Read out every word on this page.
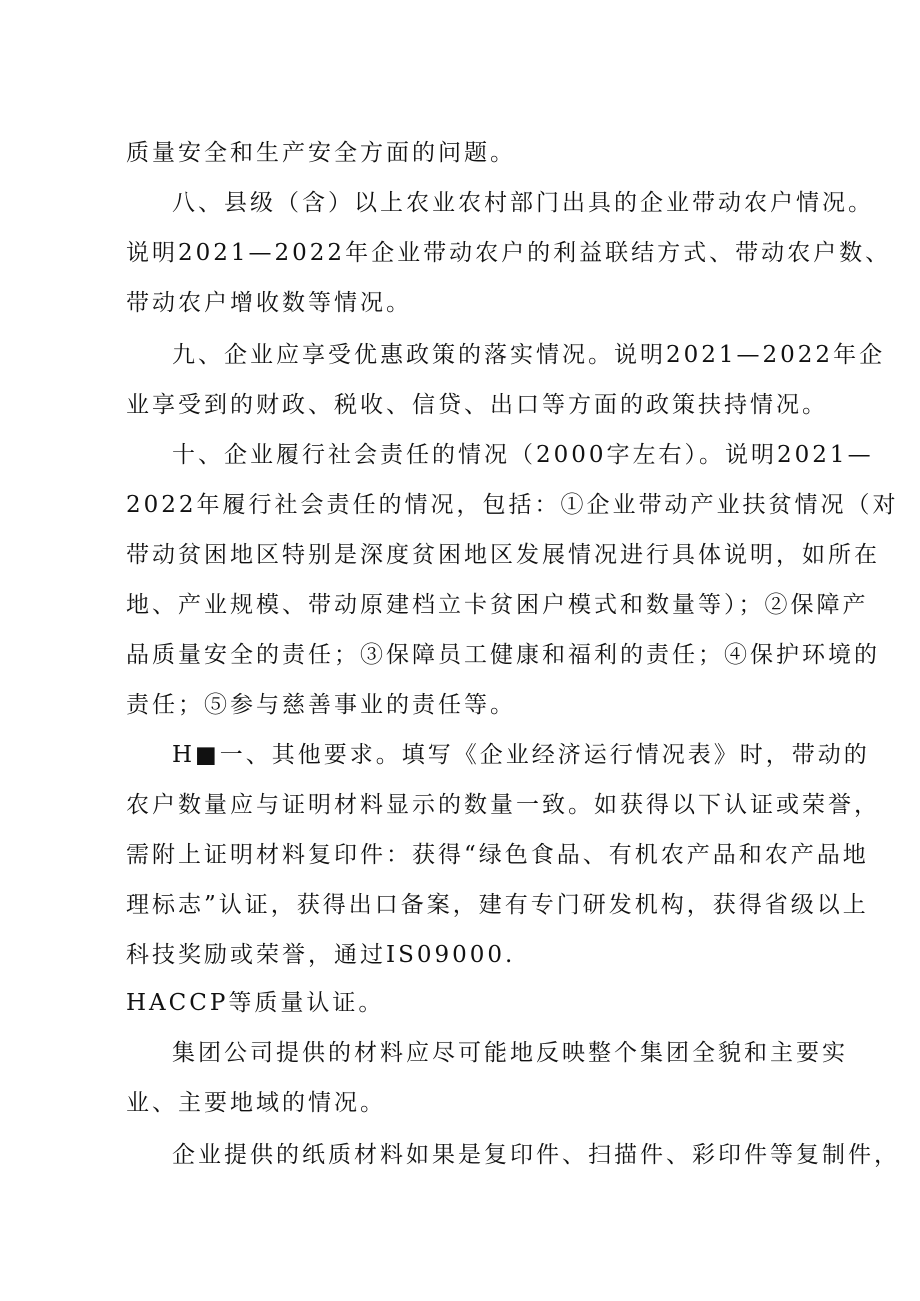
质量安全和生产安全方面的问题。

八、县级（含）以上农业农村部门出具的企业带动农户情况。

说明2021—2022年企业带动农户的利益联结方式、带动农户数、

带动农户增收数等情况。

九、企业应享受优惠政策的落实情况。说明2021—2022年企

业享受到的财政、税收、信贷、出口等方面的政策扶持情况。

十、企业履行社会责任的情况（2000字左右）。说明2021—

2022年履行社会责任的情况，包括：①企业带动产业扶贫情况（对

带动贫困地区特别是深度贫困地区发展情况进行具体说明，如所在

地、产业规模、带动原建档立卡贫困户模式和数量等）；②保障产

品质量安全的责任；③保障员工健康和福利的责任；④保护环境的

责任；⑤参与慈善事业的责任等。

H■一、其他要求。填写《企业经济运行情况表》时，带动的

农户数量应与证明材料显示的数量一致。如获得以下认证或荣誉，

需附上证明材料复印件：获得“绿色食品、有机农产品和农产品地

理标志”认证，获得出口备案，建有专门研发机构，获得省级以上

科技奖励或荣誉，通过IS09000.

HACCP等质量认证。

集团公司提供的材料应尽可能地反映整个集团全貌和主要实

业、主要地域的情况。

企业提供的纸质材料如果是复印件、扫描件、彩印件等复制件，
